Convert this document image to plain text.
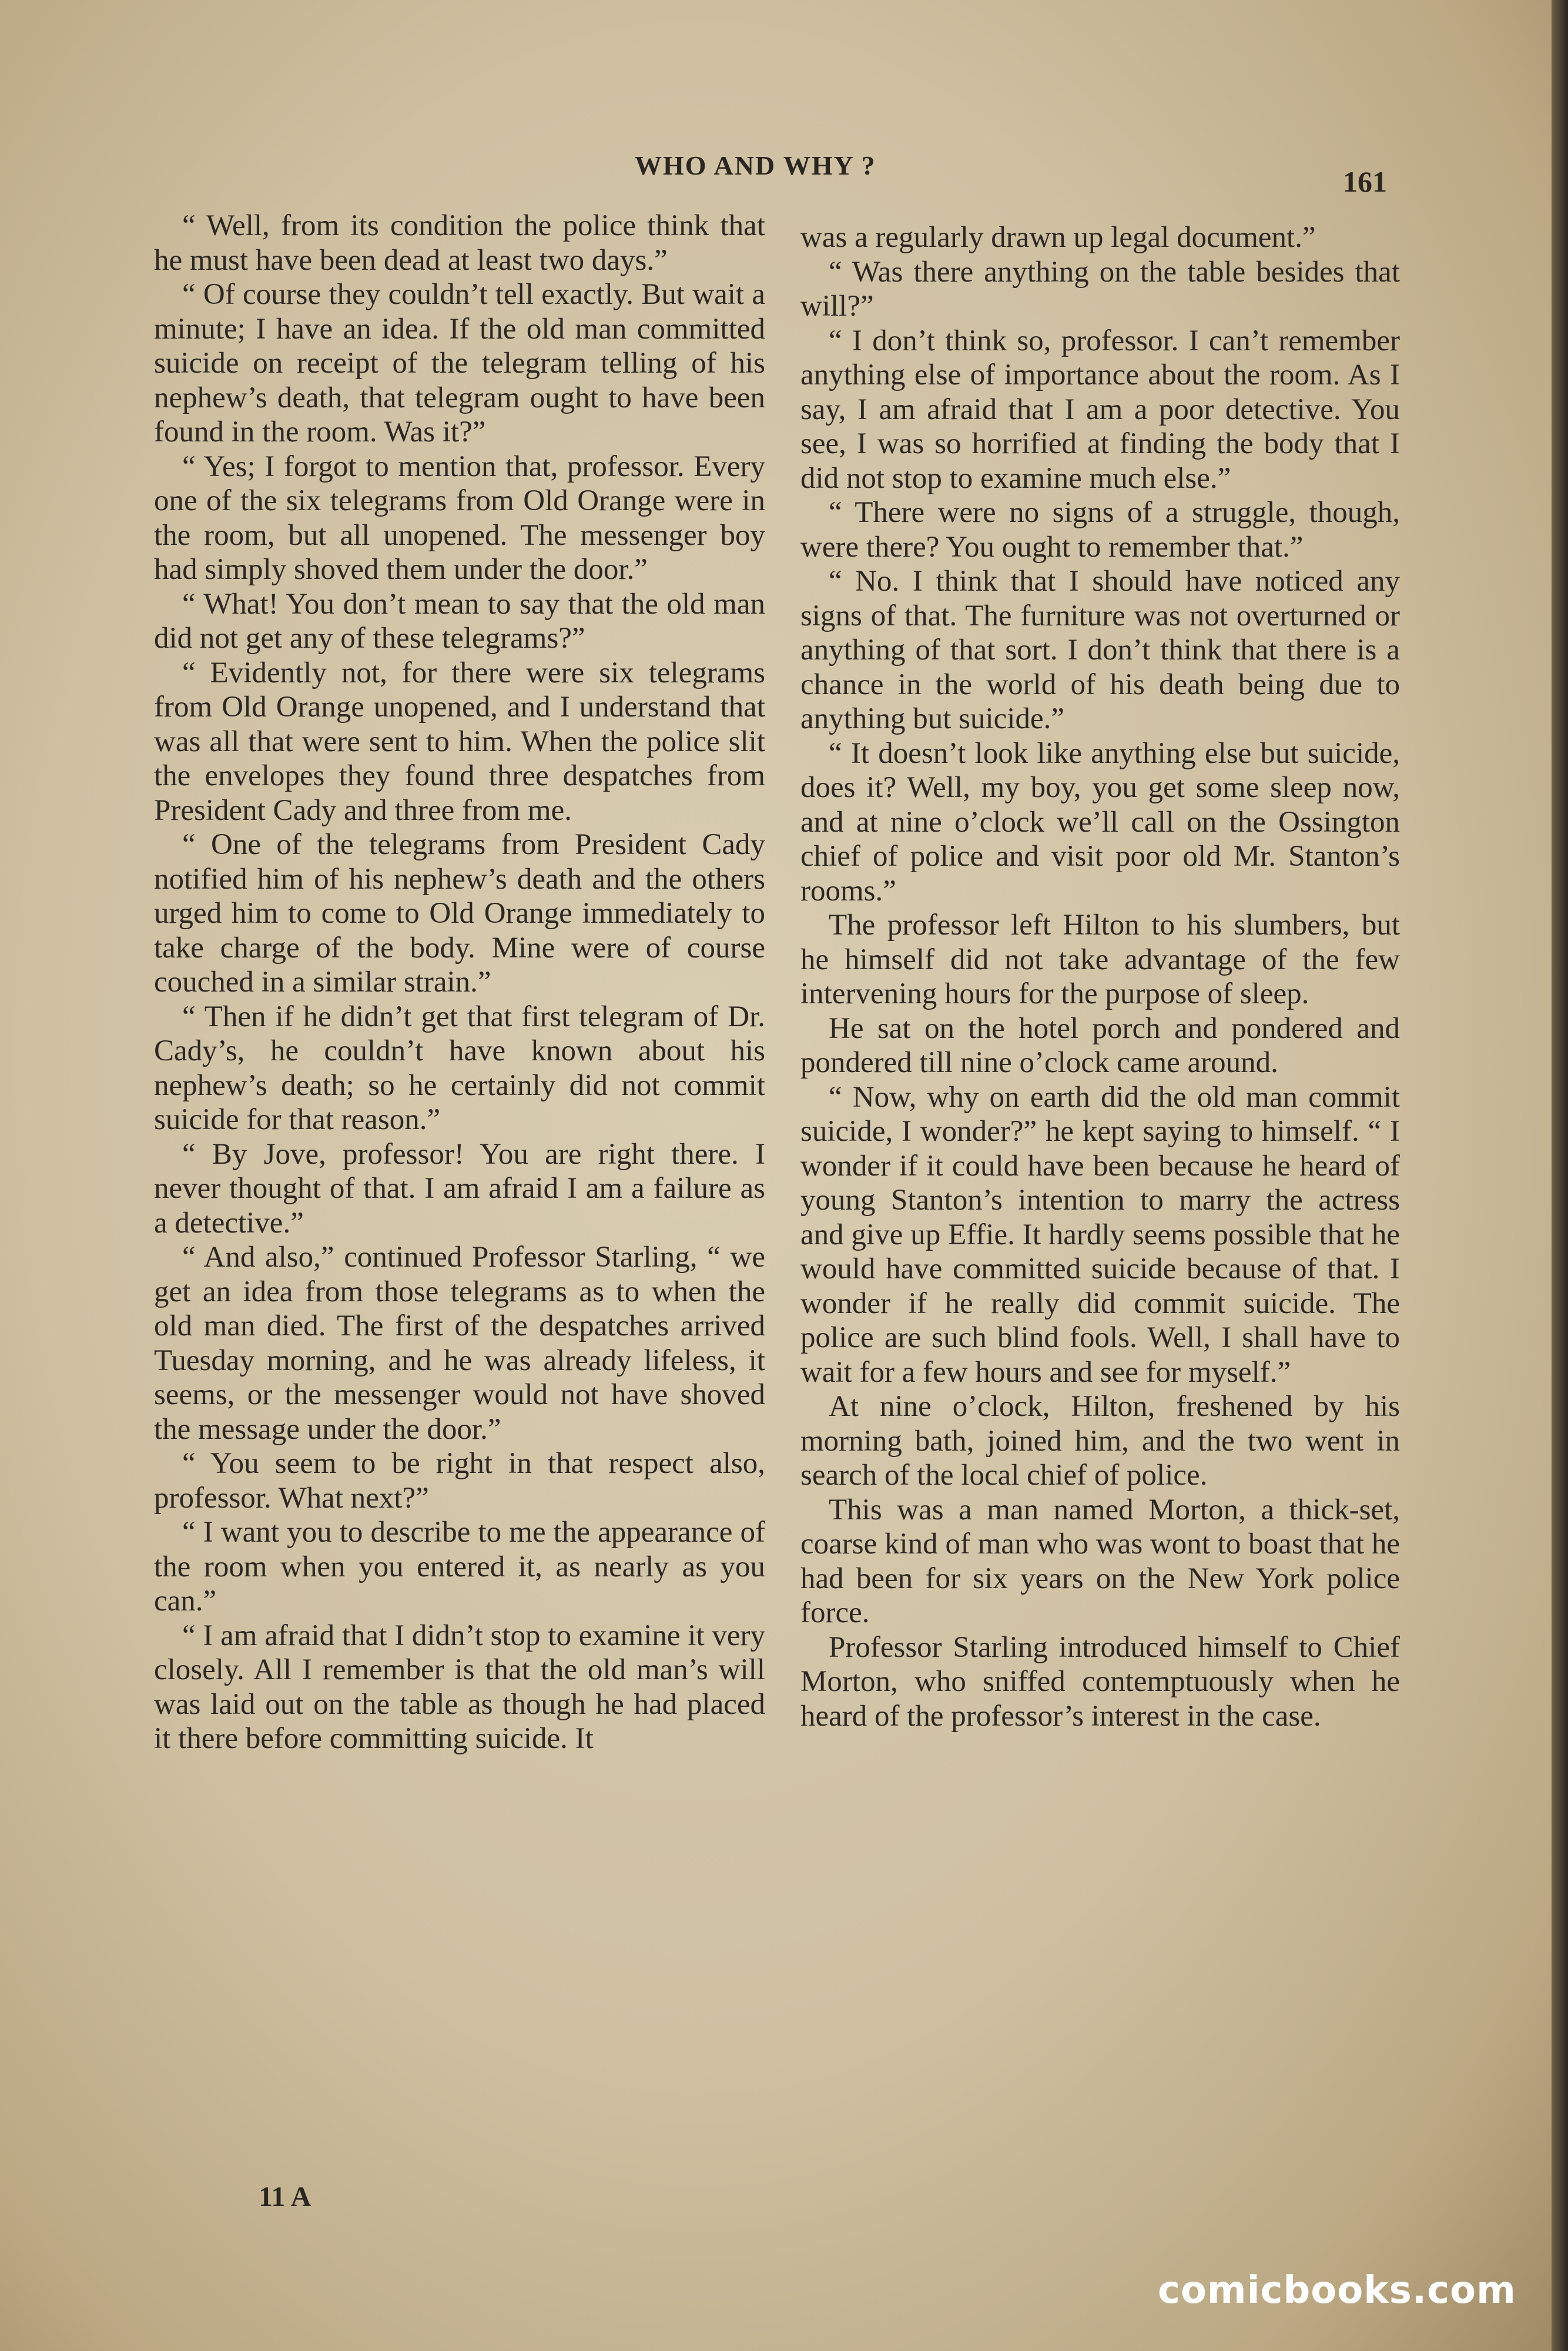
WHO AND WHY ?	161

“ Well, from its condition the police think that he must have been dead at least two days.”

“ Of course they couldn’t tell exactly. But wait a minute; I have an idea. If the old man committed suicide on receipt of the telegram telling of his nephew’s death, that telegram ought to have been found in the room. Was it?”

“ Yes; I forgot to mention that, professor. Every one of the six telegrams from Old Orange were in the room, but all unopened. The messenger boy had simply shoved them under the door.”

“ What! You don’t mean to say that the old man did not get any of these telegrams?”

“ Evidently not, for there were six telegrams from Old Orange unopened, and I understand that was all that were sent to him. When the police slit the envelopes they found three despatches from President Cady and three from me.

“ One of the telegrams from President Cady notified him of his nephew’s death and the others urged him to come to Old Orange immediately to take charge of the body. Mine were of course couched in a similar strain.”

“ Then if he didn’t get that first telegram of Dr. Cady’s, he couldn’t have known about his nephew’s death; so he certainly did not commit suicide for that reason.”

“ By Jove, professor! You are right there. I never thought of that. I am afraid I am a failure as a detective.”

“ And also,” continued Professor Starling, “ we get an idea from those telegrams as to when the old man died. The first of the despatches arrived Tuesday morning, and he was already lifeless, it seems, or the messenger would not have shoved the message under the door.”

“ You seem to be right in that respect also, professor. What next?”

“ I want you to describe to me the appearance of the room when you entered it, as nearly as you can.”

“ I am afraid that I didn’t stop to examine it very closely. All I remember is that the old man’s will was laid out on the table as though he had placed it there before committing suicide. It

was a regularly drawn up legal document.”

“ Was there anything on the table besides that will?”

“ I don’t think so, professor. I can’t remember anything else of importance about the room. As I say, I am afraid that I am a poor detective. You see, I was so horrified at finding the body that I did not stop to examine much else.”

“ There were no signs of a struggle, though, were there? You ought to remember that.”

“ No. I think that I should have noticed any signs of that. The furniture was not overturned or anything of that sort. I don’t think that there is a chance in the world of his death being due to anything but suicide.”

“ It doesn’t look like anything else but suicide, does it? Well, my boy, you get some sleep now, and at nine o’clock we’ll call on the Ossington chief of police and visit poor old Mr. Stanton’s rooms.”

The professor left Hilton to his slumbers, but he himself did not take advantage of the few intervening hours for the purpose of sleep.

He sat on the hotel porch and pondered and pondered till nine o’clock came around.

“ Now, why on earth did the old man commit suicide, I wonder?” he kept saying to himself. “ I wonder if it could have been because he heard of young Stanton’s intention to marry the actress and give up Effie. It hardly seems possible that he would have committed suicide because of that. I wonder if he really did commit suicide. The police are such blind fools. Well, I shall have to wait for a few hours and see for myself.”

At nine o’clock, Hilton, freshened by his morning bath, joined him, and the two went in search of the local chief of police.

This was a man named Morton, a thick-set, coarse kind of man who was wont to boast that he had been for six years on the New York police force.

Professor Starling introduced himself to Chief Morton, who sniffed contemptuously when he heard of the professor’s interest in the case.

11 A
comicbooks.com
